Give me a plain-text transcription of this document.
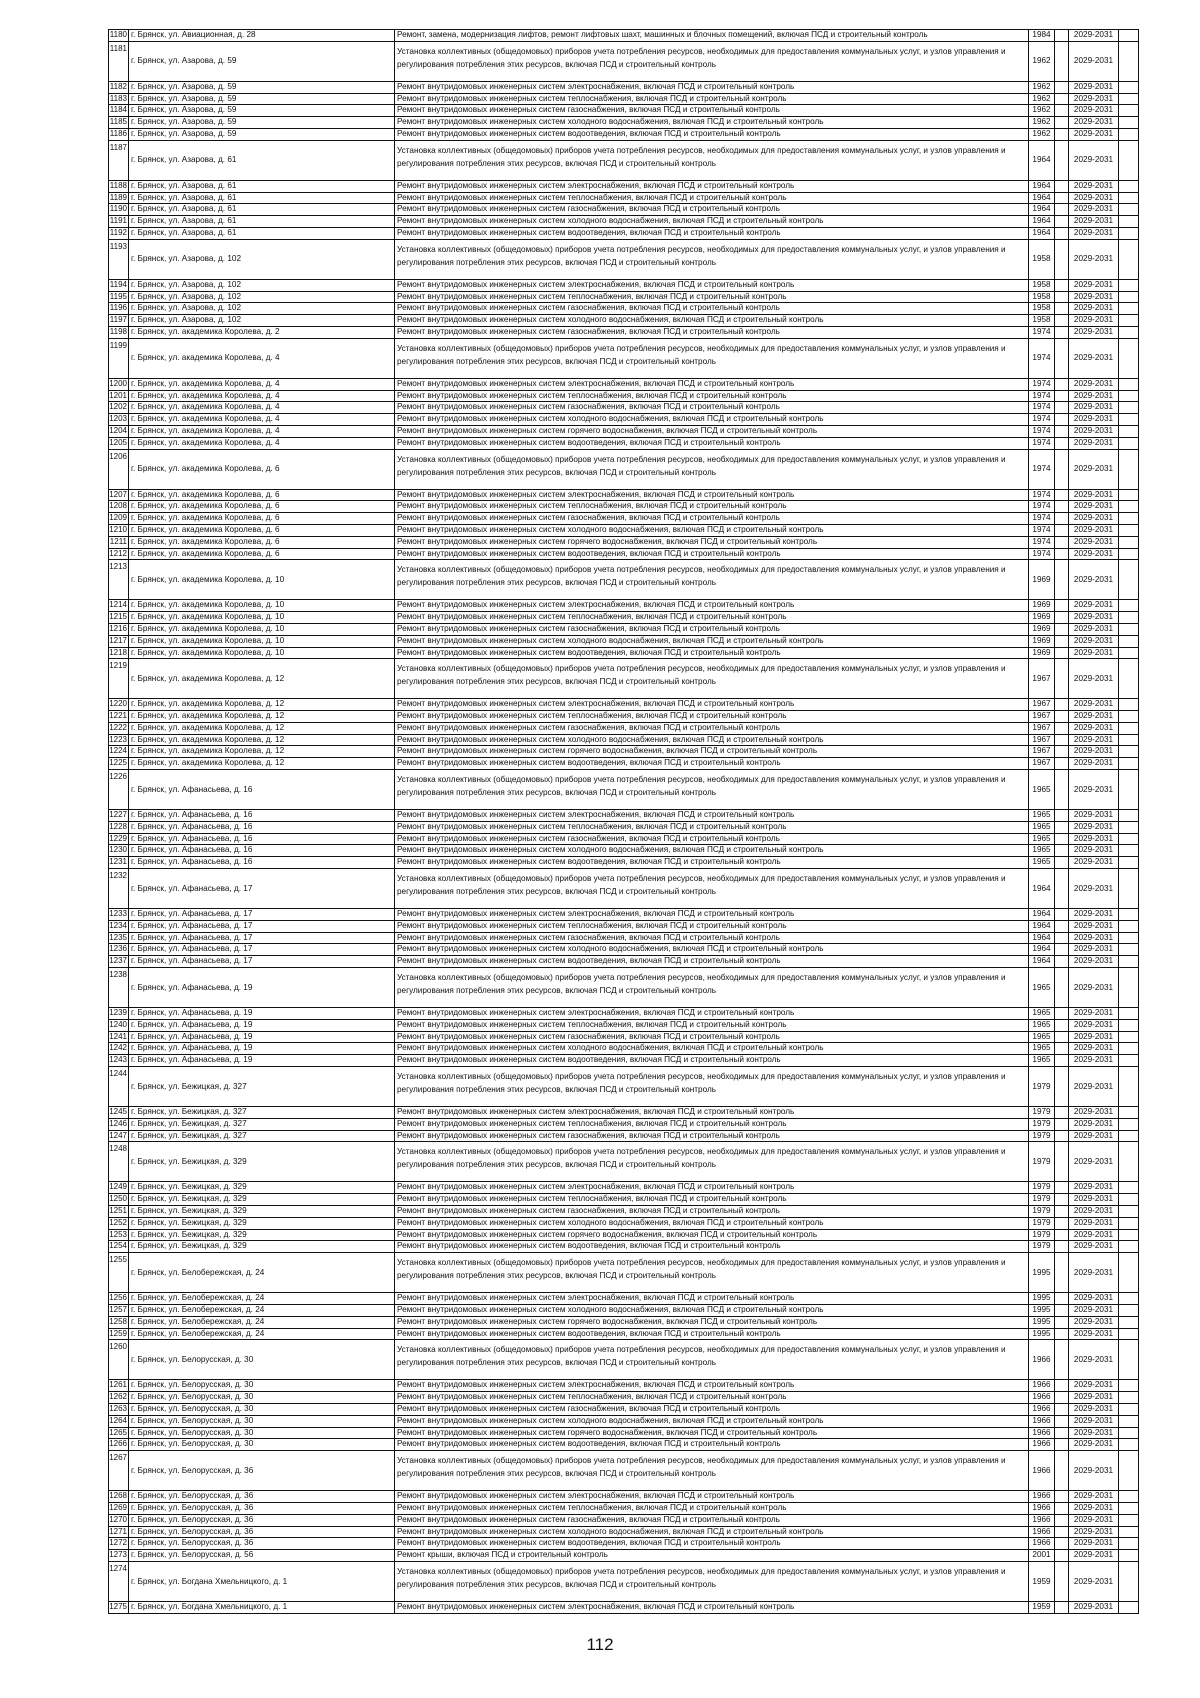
1180	г. Брянск, ул. Авиационная, д. 28	Ремонт, замена, модернизация лифтов, ремонт лифтовых шахт, машинных и блочных помещений, включая ПСД и строительный контроль	1984		2029-2031	
1181	г. Брянск, ул. Азарова, д. 59	Установка коллективных (общедомовых) приборов учета потребления ресурсов, необходимых для предоставления коммунальных услуг, и узлов управления и регулирования потребления этих ресурсов, включая ПСД и строительный контроль	1962		2029-2031	
1182	г. Брянск, ул. Азарова, д. 59	Ремонт внутридомовых инженерных систем электроснабжения, включая ПСД и строительный контроль	1962		2029-2031	
1183	г. Брянск, ул. Азарова, д. 59	Ремонт внутридомовых инженерных систем теплоснабжения, включая ПСД и строительный контроль	1962		2029-2031	
1184	г. Брянск, ул. Азарова, д. 59	Ремонт внутридомовых инженерных систем газоснабжения, включая ПСД и строительный контроль	1962		2029-2031	
1185	г. Брянск, ул. Азарова, д. 59	Ремонт внутридомовых инженерных систем холодного водоснабжения, включая ПСД и строительный контроль	1962		2029-2031	
1186	г. Брянск, ул. Азарова, д. 59	Ремонт внутридомовых инженерных систем водоотведения, включая ПСД и строительный контроль	1962		2029-2031	
1187	г. Брянск, ул. Азарова, д. 61	Установка коллективных (общедомовых) приборов учета потребления ресурсов, необходимых для предоставления коммунальных услуг, и узлов управления и регулирования потребления этих ресурсов, включая ПСД и строительный контроль	1964		2029-2031	
1188	г. Брянск, ул. Азарова, д. 61	Ремонт внутридомовых инженерных систем электроснабжения, включая ПСД и строительный контроль	1964		2029-2031	
1189	г. Брянск, ул. Азарова, д. 61	Ремонт внутридомовых инженерных систем теплоснабжения, включая ПСД и строительный контроль	1964		2029-2031	
1190	г. Брянск, ул. Азарова, д. 61	Ремонт внутридомовых инженерных систем газоснабжения, включая ПСД и строительный контроль	1964		2029-2031	
1191	г. Брянск, ул. Азарова, д. 61	Ремонт внутридомовых инженерных систем холодного водоснабжения, включая ПСД и строительный контроль	1964		2029-2031	
1192	г. Брянск, ул. Азарова, д. 61	Ремонт внутридомовых инженерных систем водоотведения, включая ПСД и строительный контроль	1964		2029-2031	
1193	г. Брянск, ул. Азарова, д. 102	Установка коллективных (общедомовых) приборов учета потребления ресурсов, необходимых для предоставления коммунальных услуг, и узлов управления и регулирования потребления этих ресурсов, включая ПСД и строительный контроль	1958		2029-2031	
1194	г. Брянск, ул. Азарова, д. 102	Ремонт внутридомовых инженерных систем электроснабжения, включая ПСД и строительный контроль	1958		2029-2031	
1195	г. Брянск, ул. Азарова, д. 102	Ремонт внутридомовых инженерных систем теплоснабжения, включая ПСД и строительный контроль	1958		2029-2031	
1196	г. Брянск, ул. Азарова, д. 102	Ремонт внутридомовых инженерных систем газоснабжения, включая ПСД и строительный контроль	1958		2029-2031	
1197	г. Брянск, ул. Азарова, д. 102	Ремонт внутридомовых инженерных систем холодного водоснабжения, включая ПСД и строительный контроль	1958		2029-2031	
1198	г. Брянск, ул. академика Королева, д. 2	Ремонт внутридомовых инженерных систем газоснабжения, включая ПСД и строительный контроль	1974		2029-2031	
1199	г. Брянск, ул. академика Королева, д. 4	Установка коллективных (общедомовых) приборов учета потребления ресурсов, необходимых для предоставления коммунальных услуг, и узлов управления и регулирования потребления этих ресурсов, включая ПСД и строительный контроль	1974		2029-2031	
1200	г. Брянск, ул. академика Королева, д. 4	Ремонт внутридомовых инженерных систем электроснабжения, включая ПСД и строительный контроль	1974		2029-2031	
1201	г. Брянск, ул. академика Королева, д. 4	Ремонт внутридомовых инженерных систем теплоснабжения, включая ПСД и строительный контроль	1974		2029-2031	
1202	г. Брянск, ул. академика Королева, д. 4	Ремонт внутридомовых инженерных систем газоснабжения, включая ПСД и строительный контроль	1974		2029-2031	
1203	г. Брянск, ул. академика Королева, д. 4	Ремонт внутридомовых инженерных систем холодного водоснабжения, включая ПСД и строительный контроль	1974		2029-2031	
1204	г. Брянск, ул. академика Королева, д. 4	Ремонт внутридомовых инженерных систем горячего водоснабжения, включая ПСД и строительный контроль	1974		2029-2031	
1205	г. Брянск, ул. академика Королева, д. 4	Ремонт внутридомовых инженерных систем водоотведения, включая ПСД и строительный контроль	1974		2029-2031	
1206	г. Брянск, ул. академика Королева, д. 6	Установка коллективных (общедомовых) приборов учета потребления ресурсов, необходимых для предоставления коммунальных услуг, и узлов управления и регулирования потребления этих ресурсов, включая ПСД и строительный контроль	1974		2029-2031	
1207	г. Брянск, ул. академика Королева, д. 6	Ремонт внутридомовых инженерных систем электроснабжения, включая ПСД и строительный контроль	1974		2029-2031	
1208	г. Брянск, ул. академика Королева, д. 6	Ремонт внутридомовых инженерных систем теплоснабжения, включая ПСД и строительный контроль	1974		2029-2031	
1209	г. Брянск, ул. академика Королева, д. 6	Ремонт внутридомовых инженерных систем газоснабжения, включая ПСД и строительный контроль	1974		2029-2031	
1210	г. Брянск, ул. академика Королева, д. 6	Ремонт внутридомовых инженерных систем холодного водоснабжения, включая ПСД и строительный контроль	1974		2029-2031	
1211	г. Брянск, ул. академика Королева, д. 6	Ремонт внутридомовых инженерных систем горячего водоснабжения, включая ПСД и строительный контроль	1974		2029-2031	
1212	г. Брянск, ул. академика Королева, д. 6	Ремонт внутридомовых инженерных систем водоотведения, включая ПСД и строительный контроль	1974		2029-2031	
1213	г. Брянск, ул. академика Королева, д. 10	Установка коллективных (общедомовых) приборов учета потребления ресурсов, необходимых для предоставления коммунальных услуг, и узлов управления и регулирования потребления этих ресурсов, включая ПСД и строительный контроль	1969		2029-2031	
1214	г. Брянск, ул. академика Королева, д. 10	Ремонт внутридомовых инженерных систем электроснабжения, включая ПСД и строительный контроль	1969		2029-2031	
1215	г. Брянск, ул. академика Королева, д. 10	Ремонт внутридомовых инженерных систем теплоснабжения, включая ПСД и строительный контроль	1969		2029-2031	
1216	г. Брянск, ул. академика Королева, д. 10	Ремонт внутридомовых инженерных систем газоснабжения, включая ПСД и строительный контроль	1969		2029-2031	
1217	г. Брянск, ул. академика Королева, д. 10	Ремонт внутридомовых инженерных систем холодного водоснабжения, включая ПСД и строительный контроль	1969		2029-2031	
1218	г. Брянск, ул. академика Королева, д. 10	Ремонт внутридомовых инженерных систем водоотведения, включая ПСД и строительный контроль	1969		2029-2031	
1219	г. Брянск, ул. академика Королева, д. 12	Установка коллективных (общедомовых) приборов учета потребления ресурсов, необходимых для предоставления коммунальных услуг, и узлов управления и регулирования потребления этих ресурсов, включая ПСД и строительный контроль	1967		2029-2031	
1220	г. Брянск, ул. академика Королева, д. 12	Ремонт внутридомовых инженерных систем электроснабжения, включая ПСД и строительный контроль	1967		2029-2031	
1221	г. Брянск, ул. академика Королева, д. 12	Ремонт внутридомовых инженерных систем теплоснабжения, включая ПСД и строительный контроль	1967		2029-2031	
1222	г. Брянск, ул. академика Королева, д. 12	Ремонт внутридомовых инженерных систем газоснабжения, включая ПСД и строительный контроль	1967		2029-2031	
1223	г. Брянск, ул. академика Королева, д. 12	Ремонт внутридомовых инженерных систем холодного водоснабжения, включая ПСД и строительный контроль	1967		2029-2031	
1224	г. Брянск, ул. академика Королева, д. 12	Ремонт внутридомовых инженерных систем горячего водоснабжения, включая ПСД и строительный контроль	1967		2029-2031	
1225	г. Брянск, ул. академика Королева, д. 12	Ремонт внутридомовых инженерных систем водоотведения, включая ПСД и строительный контроль	1967		2029-2031	
1226	г. Брянск, ул. Афанасьева, д. 16	Установка коллективных (общедомовых) приборов учета потребления ресурсов, необходимых для предоставления коммунальных услуг, и узлов управления и регулирования потребления этих ресурсов, включая ПСД и строительный контроль	1965		2029-2031	
1227	г. Брянск, ул. Афанасьева, д. 16	Ремонт внутридомовых инженерных систем электроснабжения, включая ПСД и строительный контроль	1965		2029-2031	
1228	г. Брянск, ул. Афанасьева, д. 16	Ремонт внутридомовых инженерных систем теплоснабжения, включая ПСД и строительный контроль	1965		2029-2031	
1229	г. Брянск, ул. Афанасьева, д. 16	Ремонт внутридомовых инженерных систем газоснабжения, включая ПСД и строительный контроль	1965		2029-2031	
1230	г. Брянск, ул. Афанасьева, д. 16	Ремонт внутридомовых инженерных систем холодного водоснабжения, включая ПСД и строительный контроль	1965		2029-2031	
1231	г. Брянск, ул. Афанасьева, д. 16	Ремонт внутридомовых инженерных систем водоотведения, включая ПСД и строительный контроль	1965		2029-2031	
1232	г. Брянск, ул. Афанасьева, д. 17	Установка коллективных (общедомовых) приборов учета потребления ресурсов, необходимых для предоставления коммунальных услуг, и узлов управления и регулирования потребления этих ресурсов, включая ПСД и строительный контроль	1964		2029-2031	
1233	г. Брянск, ул. Афанасьева, д. 17	Ремонт внутридомовых инженерных систем электроснабжения, включая ПСД и строительный контроль	1964		2029-2031	
1234	г. Брянск, ул. Афанасьева, д. 17	Ремонт внутридомовых инженерных систем теплоснабжения, включая ПСД и строительный контроль	1964		2029-2031	
1235	г. Брянск, ул. Афанасьева, д. 17	Ремонт внутридомовых инженерных систем газоснабжения, включая ПСД и строительный контроль	1964		2029-2031	
1236	г. Брянск, ул. Афанасьева, д. 17	Ремонт внутридомовых инженерных систем холодного водоснабжения, включая ПСД и строительный контроль	1964		2029-2031	
1237	г. Брянск, ул. Афанасьева, д. 17	Ремонт внутридомовых инженерных систем водоотведения, включая ПСД и строительный контроль	1964		2029-2031	
1238	г. Брянск, ул. Афанасьева, д. 19	Установка коллективных (общедомовых) приборов учета потребления ресурсов, необходимых для предоставления коммунальных услуг, и узлов управления и регулирования потребления этих ресурсов, включая ПСД и строительный контроль	1965		2029-2031	
1239	г. Брянск, ул. Афанасьева, д. 19	Ремонт внутридомовых инженерных систем электроснабжения, включая ПСД и строительный контроль	1965		2029-2031	
1240	г. Брянск, ул. Афанасьева, д. 19	Ремонт внутридомовых инженерных систем теплоснабжения, включая ПСД и строительный контроль	1965		2029-2031	
1241	г. Брянск, ул. Афанасьева, д. 19	Ремонт внутридомовых инженерных систем газоснабжения, включая ПСД и строительный контроль	1965		2029-2031	
1242	г. Брянск, ул. Афанасьева, д. 19	Ремонт внутридомовых инженерных систем холодного водоснабжения, включая ПСД и строительный контроль	1965		2029-2031	
1243	г. Брянск, ул. Афанасьева, д. 19	Ремонт внутридомовых инженерных систем водоотведения, включая ПСД и строительный контроль	1965		2029-2031	
1244	г. Брянск, ул. Бежицкая, д. 327	Установка коллективных (общедомовых) приборов учета потребления ресурсов, необходимых для предоставления коммунальных услуг, и узлов управления и регулирования потребления этих ресурсов, включая ПСД и строительный контроль	1979		2029-2031	
1245	г. Брянск, ул. Бежицкая, д. 327	Ремонт внутридомовых инженерных систем электроснабжения, включая ПСД и строительный контроль	1979		2029-2031	
1246	г. Брянск, ул. Бежицкая, д. 327	Ремонт внутридомовых инженерных систем теплоснабжения, включая ПСД и строительный контроль	1979		2029-2031	
1247	г. Брянск, ул. Бежицкая, д. 327	Ремонт внутридомовых инженерных систем газоснабжения, включая ПСД и строительный контроль	1979		2029-2031	
1248	г. Брянск, ул. Бежицкая, д. 329	Установка коллективных (общедомовых) приборов учета потребления ресурсов, необходимых для предоставления коммунальных услуг, и узлов управления и регулирования потребления этих ресурсов, включая ПСД и строительный контроль	1979		2029-2031	
1249	г. Брянск, ул. Бежицкая, д. 329	Ремонт внутридомовых инженерных систем электроснабжения, включая ПСД и строительный контроль	1979		2029-2031	
1250	г. Брянск, ул. Бежицкая, д. 329	Ремонт внутридомовых инженерных систем теплоснабжения, включая ПСД и строительный контроль	1979		2029-2031	
1251	г. Брянск, ул. Бежицкая, д. 329	Ремонт внутридомовых инженерных систем газоснабжения, включая ПСД и строительный контроль	1979		2029-2031	
1252	г. Брянск, ул. Бежицкая, д. 329	Ремонт внутридомовых инженерных систем холодного водоснабжения, включая ПСД и строительный контроль	1979		2029-2031	
1253	г. Брянск, ул. Бежицкая, д. 329	Ремонт внутридомовых инженерных систем горячего водоснабжения, включая ПСД и строительный контроль	1979		2029-2031	
1254	г. Брянск, ул. Бежицкая, д. 329	Ремонт внутридомовых инженерных систем водоотведения, включая ПСД и строительный контроль	1979		2029-2031	
1255	г. Брянск, ул. Белобережская, д. 24	Установка коллективных (общедомовых) приборов учета потребления ресурсов, необходимых для предоставления коммунальных услуг, и узлов управления и регулирования потребления этих ресурсов, включая ПСД и строительный контроль	1995		2029-2031	
1256	г. Брянск, ул. Белобережская, д. 24	Ремонт внутридомовых инженерных систем электроснабжения, включая ПСД и строительный контроль	1995		2029-2031	
1257	г. Брянск, ул. Белобережская, д. 24	Ремонт внутридомовых инженерных систем холодного водоснабжения, включая ПСД и строительный контроль	1995		2029-2031	
1258	г. Брянск, ул. Белобережская, д. 24	Ремонт внутридомовых инженерных систем горячего водоснабжения, включая ПСД и строительный контроль	1995		2029-2031	
1259	г. Брянск, ул. Белобережская, д. 24	Ремонт внутридомовых инженерных систем водоотведения, включая ПСД и строительный контроль	1995		2029-2031	
1260	г. Брянск, ул. Белорусская, д. 30	Установка коллективных (общедомовых) приборов учета потребления ресурсов, необходимых для предоставления коммунальных услуг, и узлов управления и регулирования потребления этих ресурсов, включая ПСД и строительный контроль	1966		2029-2031	
1261	г. Брянск, ул. Белорусская, д. 30	Ремонт внутридомовых инженерных систем электроснабжения, включая ПСД и строительный контроль	1966		2029-2031	
1262	г. Брянск, ул. Белорусская, д. 30	Ремонт внутридомовых инженерных систем теплоснабжения, включая ПСД и строительный контроль	1966		2029-2031	
1263	г. Брянск, ул. Белорусская, д. 30	Ремонт внутридомовых инженерных систем газоснабжения, включая ПСД и строительный контроль	1966		2029-2031	
1264	г. Брянск, ул. Белорусская, д. 30	Ремонт внутридомовых инженерных систем холодного водоснабжения, включая ПСД и строительный контроль	1966		2029-2031	
1265	г. Брянск, ул. Белорусская, д. 30	Ремонт внутридомовых инженерных систем горячего водоснабжения, включая ПСД и строительный контроль	1966		2029-2031	
1266	г. Брянск, ул. Белорусская, д. 30	Ремонт внутридомовых инженерных систем водоотведения, включая ПСД и строительный контроль	1966		2029-2031	
1267	г. Брянск, ул. Белорусская, д. 36	Установка коллективных (общедомовых) приборов учета потребления ресурсов, необходимых для предоставления коммунальных услуг, и узлов управления и регулирования потребления этих ресурсов, включая ПСД и строительный контроль	1966		2029-2031	
1268	г. Брянск, ул. Белорусская, д. 36	Ремонт внутридомовых инженерных систем электроснабжения, включая ПСД и строительный контроль	1966		2029-2031	
1269	г. Брянск, ул. Белорусская, д. 36	Ремонт внутридомовых инженерных систем теплоснабжения, включая ПСД и строительный контроль	1966		2029-2031	
1270	г. Брянск, ул. Белорусская, д. 36	Ремонт внутридомовых инженерных систем газоснабжения, включая ПСД и строительный контроль	1966		2029-2031	
1271	г. Брянск, ул. Белорусская, д. 36	Ремонт внутридомовых инженерных систем холодного водоснабжения, включая ПСД и строительный контроль	1966		2029-2031	
1272	г. Брянск, ул. Белорусская, д. 36	Ремонт внутридомовых инженерных систем водоотведения, включая ПСД и строительный контроль	1966		2029-2031	
1273	г. Брянск, ул. Белорусская, д. 56	Ремонт крыши, включая ПСД и строительный контроль	2001		2029-2031	
1274	г. Брянск, ул. Богдана Хмельницкого, д. 1	Установка коллективных (общедомовых) приборов учета потребления ресурсов, необходимых для предоставления коммунальных услуг, и узлов управления и регулирования потребления этих ресурсов, включая ПСД и строительный контроль	1959		2029-2031	
1275	г. Брянск, ул. Богдана Хмельницкого, д. 1	Ремонт внутридомовых инженерных систем электроснабжения, включая ПСД и строительный контроль	1959		2029-2031	
112
